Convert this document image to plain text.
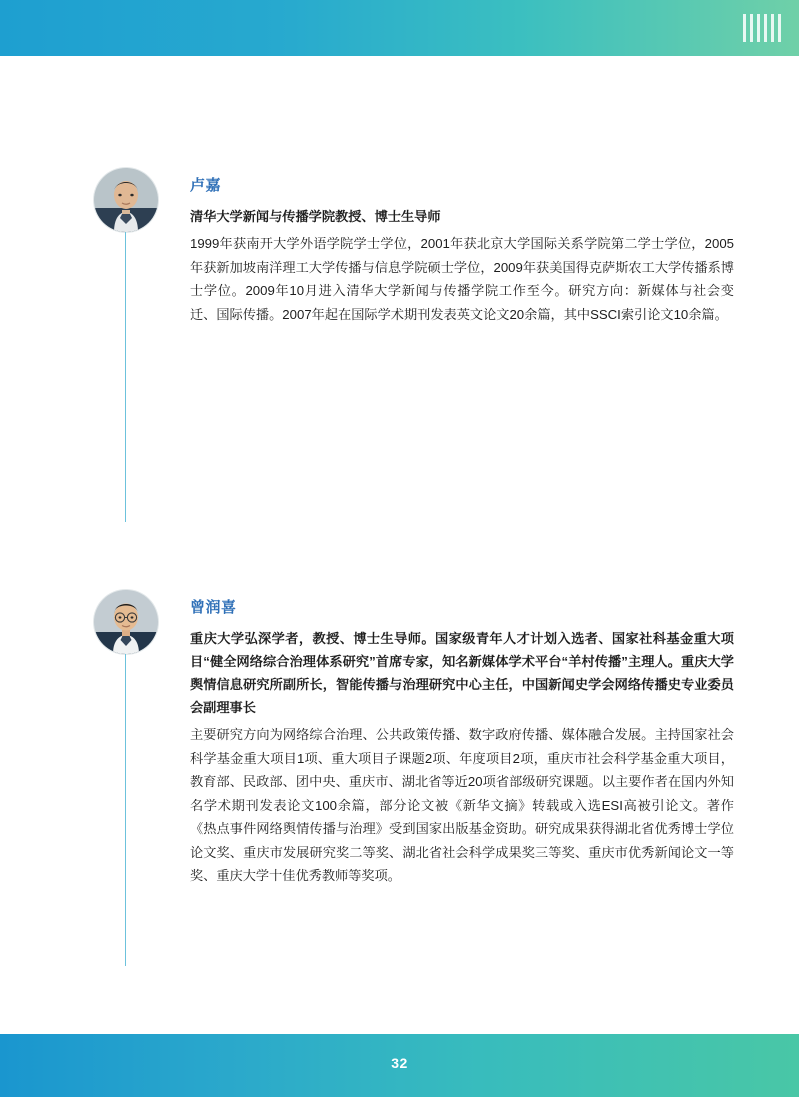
卢嘉

清华大学新闻与传播学院教授、博士生导师

1999年获南开大学外语学院学士学位，2001年获北京大学国际关系学院第二学士学位，2005年获新加坡南洋理工大学传播与信息学院硕士学位，2009年获美国得克萨斯农工大学传播系博士学位。2009年10月进入清华大学新闻与传播学院工作至今。研究方向：新媒体与社会变迁、国际传播。2007年起在国际学术期刊发表英文论文20余篇，其中SSCI索引论文10余篇。

曾润喜

重庆大学弘深学者，教授、博士生导师。国家级青年人才计划入选者、国家社科基金重大项目“健全网络综合治理体系研究”首席专家，知名新媒体学术平台“羊村传播”主理人。重庆大学舆情信息研究所副所长，智能传播与治理研究中心主任，中国新闻史学会网络传播史专业委员会副理事长

主要研究方向为网络综合治理、公共政策传播、数字政府传播、媒体融合发展。主持国家社会科学基金重大项目1项、重大项目子课题2项、年度项目2项，重庆市社会科学基金重大项目，教育部、民政部、团中央、重庆市、湖北省等近20项省部级研究课题。以主要作者在国内外知名学术期刊发表论文100余篇，部分论文被《新华文摘》转载或入选ESI高被引论文。著作《热点事件网络舆情传播与治理》受到国家出版基金资助。研究成果获得湖北省优秀博士学位论文奖、重庆市发展研究奖二等奖、湖北省社会科学成果奖三等奖、重庆市优秀新闻论文一等奖、重庆大学十佳优秀教师等奖项。

32
